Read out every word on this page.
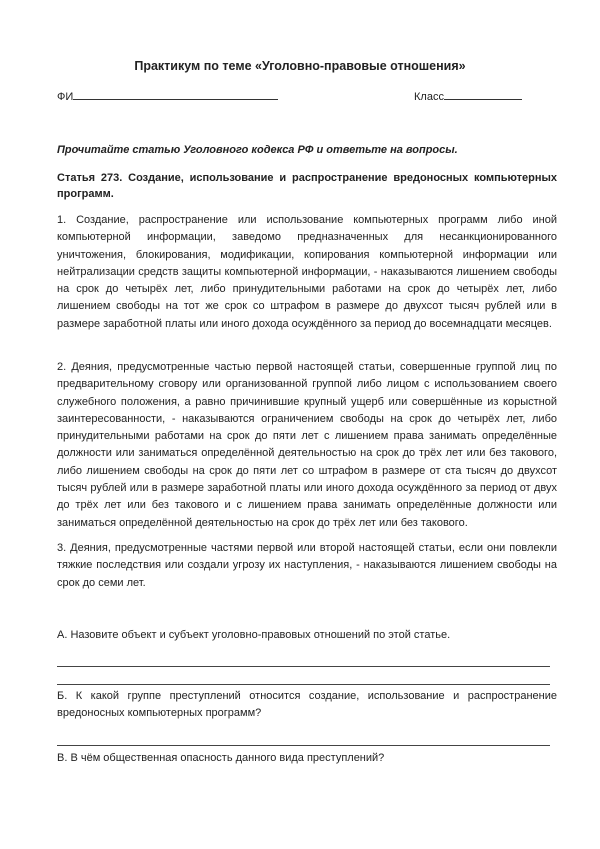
Практикум по теме «Уголовно-правовые отношения»
ФИ	Класс
Прочитайте статью Уголовного кодекса РФ и ответьте на вопросы.
Статья 273. Создание, использование и распространение вредоносных компьютерных программ.
1. Создание, распространение или использование компьютерных программ либо иной компьютерной информации, заведомо предназначенных для несанкционированного уничтожения, блокирования, модификации, копирования компьютерной информации или нейтрализации средств защиты компьютерной информации, - наказываются лишением свободы на срок до четырёх лет, либо принудительными работами на срок до четырёх лет, либо лишением свободы на тот же срок со штрафом в размере до двухсот тысяч рублей или в размере заработной платы или иного дохода осуждённого за период до восемнадцати месяцев.
2. Деяния, предусмотренные частью первой настоящей статьи, совершенные группой лиц по предварительному сговору или организованной группой либо лицом с использованием своего служебного положения, а равно причинившие крупный ущерб или совершённые из корыстной заинтересованности, - наказываются ограничением свободы на срок до четырёх лет, либо принудительными работами на срок до пяти лет с лишением права занимать определённые должности или заниматься определённой деятельностью на срок до трёх лет или без такового, либо лишением свободы на срок до пяти лет со штрафом в размере от ста тысяч до двухсот тысяч рублей или в размере заработной платы или иного дохода осуждённого за период от двух до трёх лет или без такового и с лишением права занимать определённые должности или заниматься определённой деятельностью на срок до трёх лет или без такового.
3. Деяния, предусмотренные частями первой или второй настоящей статьи, если они повлекли тяжкие последствия или создали угрозу их наступления, - наказываются лишением свободы на срок до семи лет.
А. Назовите объект и субъект уголовно-правовых отношений по этой статье.
Б. К какой группе преступлений относится создание, использование и распространение вредоносных компьютерных программ?
В. В чём общественная опасность данного вида преступлений?
